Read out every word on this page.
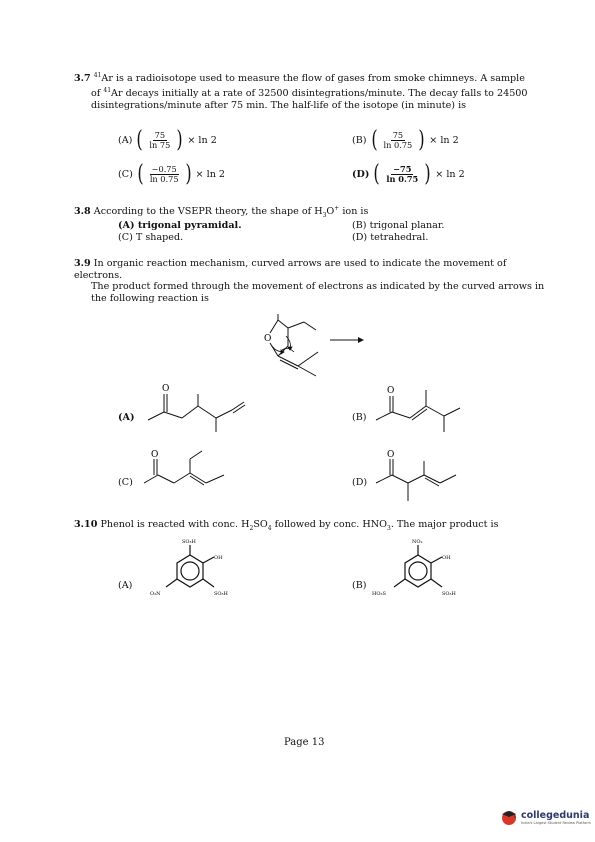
3.7 $^{41}$Ar is a radioisotope used to measure the flow of gases from smoke chimneys. A sample
of $^{41}$Ar decays initially at a rate of 32500 disintegrations/minute. The decay falls to 24500
disintegrations/minute after 75 min. The half-life of the isotope (in minute) is
(A) ( $\frac{75}{\ln 75}$ ) × ln 2	(B) ( $\frac{75}{\ln 0.75}$ ) × ln 2
(C) ( $\frac{-0.75}{\ln 0.75}$ ) × ln 2	(D) ( $\frac{-75}{\ln 0.75}$ ) × ln 2
3.8 According to the VSEPR theory, the shape of $H_3O^+$ ion is
(A) trigonal pyramidal.	(B) trigonal planar.
(C) T shaped.	(D) tetrahedral.
3.9 In organic reaction mechanism, curved arrows are used to indicate the movement of electrons.
The product formed through the movement of electrons as indicated by the curved arrows in
the following reaction is
O
(A)
O
(B)
O
(C)
O
(D)
O
3.10 Phenol is reacted with conc. $H_2SO_4$ followed by conc. $HNO_3$. The major product is
(A)
SO₃H
OH
O₂N	SO₃H
(B)
NO₂
OH
HO₃S	SO₃H
Page 13
collegedunia
India's Largest Student Review Platform
